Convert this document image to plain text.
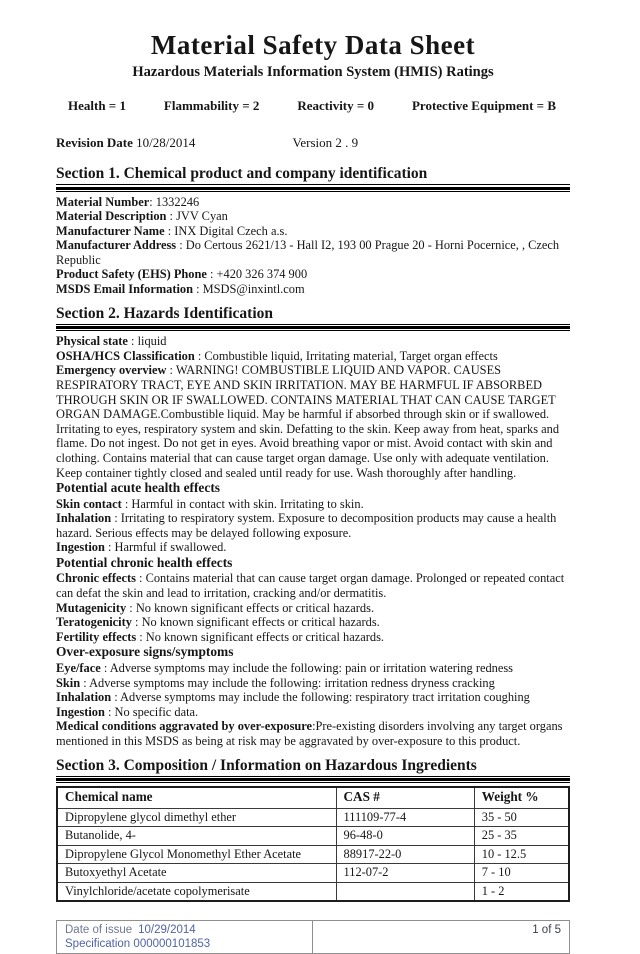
Material Safety Data Sheet
Hazardous Materials Information System (HMIS) Ratings
Health = 1	Flammability = 2	Reactivity = 0	Protective Equipment = B
Revision Date 10/28/2014	Version 2 . 9
Section 1. Chemical product and company identification

Material Number: 1332246

Material Description : JVV Cyan

Manufacturer Name : INX Digital Czech a.s.

Manufacturer Address : Do Certous 2621/13 - Hall I2, 193 00 Prague 20 - Horni Pocernice, , Czech Republic

Product Safety (EHS) Phone : +420 326 374 900

MSDS Email Information : MSDS@inxintl.com

Section 2. Hazards Identification

Physical state : liquid

OSHA/HCS Classification : Combustible liquid, Irritating material, Target organ effects

Emergency overview : WARNING! COMBUSTIBLE LIQUID AND VAPOR. CAUSES RESPIRATORY TRACT, EYE AND SKIN IRRITATION. MAY BE HARMFUL IF ABSORBED THROUGH SKIN OR IF SWALLOWED. CONTAINS MATERIAL THAT CAN CAUSE TARGET ORGAN DAMAGE.Combustible liquid. May be harmful if absorbed through skin or if swallowed. Irritating to eyes, respiratory system and skin. Defatting to the skin. Keep away from heat, sparks and flame. Do not ingest. Do not get in eyes. Avoid breathing vapor or mist. Avoid contact with skin and clothing. Contains material that can cause target organ damage. Use only with adequate ventilation. Keep container tightly closed and sealed until ready for use. Wash thoroughly after handling.

Potential acute health effects

Skin contact : Harmful in contact with skin. Irritating to skin.

Inhalation : Irritating to respiratory system. Exposure to decomposition products may cause a health hazard. Serious effects may be delayed following exposure.

Ingestion : Harmful if swallowed.

Potential chronic health effects

Chronic effects : Contains material that can cause target organ damage. Prolonged or repeated contact can defat the skin and lead to irritation, cracking and/or dermatitis.

Mutagenicity : No known significant effects or critical hazards.

Teratogenicity : No known significant effects or critical hazards.

Fertility effects : No known significant effects or critical hazards.

Over-exposure signs/symptoms

Eye/face : Adverse symptoms may include the following: pain or irritation watering redness

Skin : Adverse symptoms may include the following: irritation redness dryness cracking

Inhalation : Adverse symptoms may include the following: respiratory tract irritation coughing

Ingestion : No specific data.

Medical conditions aggravated by over-exposure:Pre-existing disorders involving any target organs mentioned in this MSDS as being at risk may be aggravated by over-exposure to this product.

Section 3. Composition / Information on Hazardous Ingredients
Chemical name	CAS #	Weight %
Dipropylene glycol dimethyl ether	111109-77-4	35 - 50
Butanolide, 4-	96-48-0	25 - 35
Dipropylene Glycol Monomethyl Ether Acetate	88917-22-0	10 - 12.5
Butoxyethyl Acetate	112-07-2	7 - 10
Vinylchloride/acetate copolymerisate		1 - 2
Date of issue 10/29/2014
Specification 000000101853
1 of 5
